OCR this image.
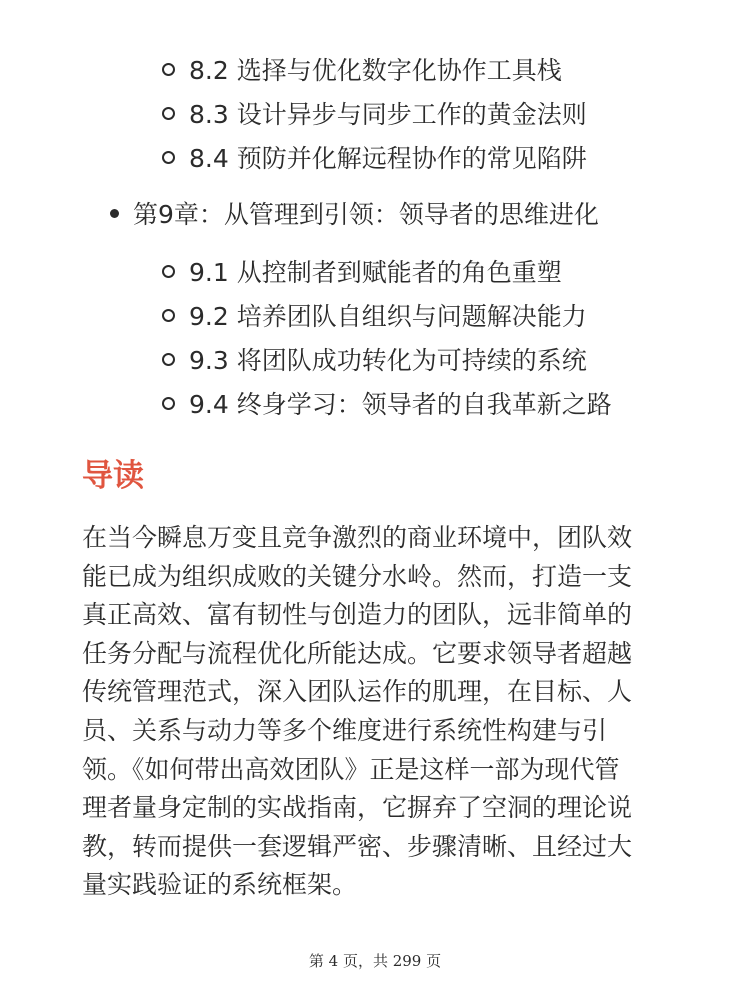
8.2 选择与优化数字化协作工具栈
8.3 设计异步与同步工作的黄金法则
8.4 预防并化解远程协作的常见陷阱
第9章：从管理到引领：领导者的思维进化
9.1 从控制者到赋能者的角色重塑
9.2 培养团队自组织与问题解决能力
9.3 将团队成功转化为可持续的系统
9.4 终身学习：领导者的自我革新之路
导读

在当今瞬息万变且竞争激烈的商业环境中，团队效
能已成为组织成败的关键分水岭。然而，打造一支
真正高效、富有韧性与创造力的团队，远非简单的
任务分配与流程优化所能达成。它要求领导者超越
传统管理范式，深入团队运作的肌理，在目标、人
员、关系与动力等多个维度进行系统性构建与引
领。《如何带出高效团队》正是这样一部为现代管
理者量身定制的实战指南，它摒弃了空洞的理论说
教，转而提供一套逻辑严密、步骤清晰、且经过大
量实践验证的系统框架。

第 4 页，共 299 页
